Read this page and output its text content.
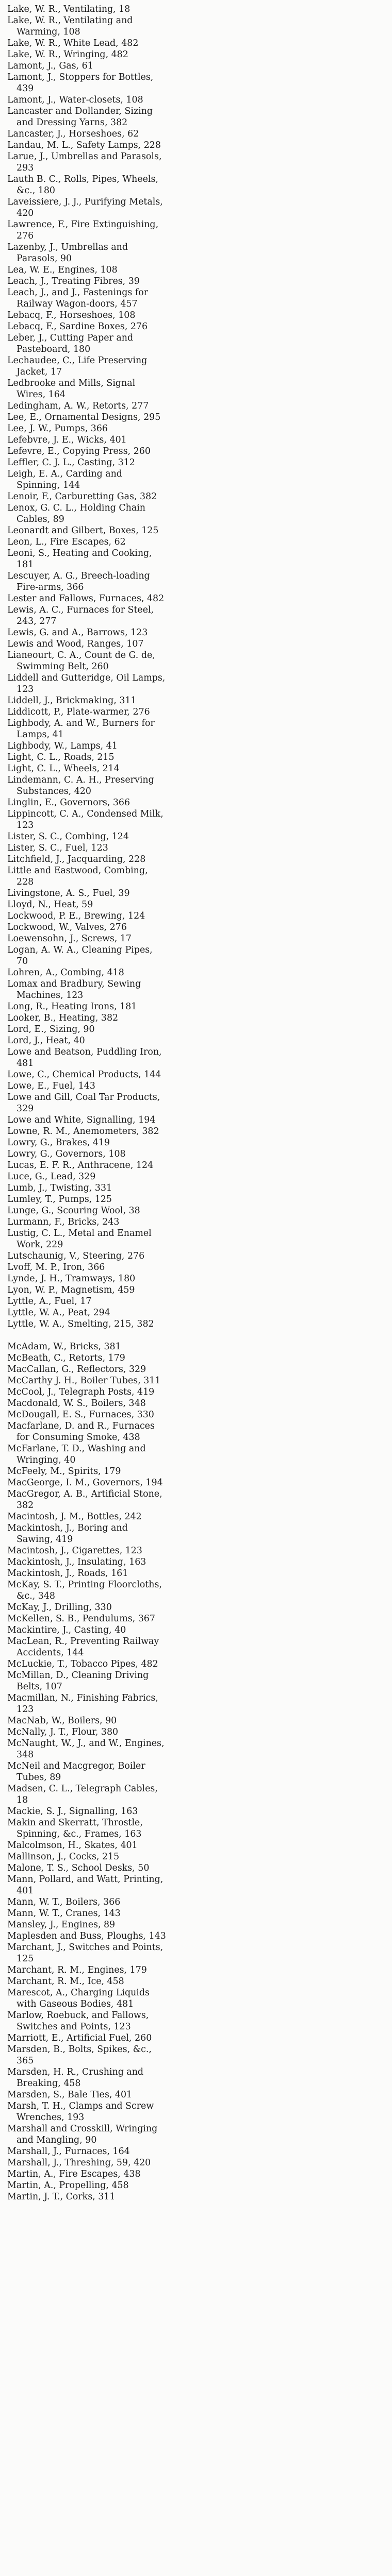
Lake, W. R., Ventilating, 18
Lake, W. R., Ventilating and Warming, 108
Lake, W. R., White Lead, 482
Lake, W. R., Wringing, 482
Lamont, J., Gas, 61
Lamont, J., Stoppers for Bottles, 439
Lamont, J., Water-closets, 108
Lancaster and Dollander, Sizing and Dressing Yarns, 382
Lancaster, J., Horseshoes, 62
Landau, M. L., Safety Lamps, 228
Larue, J., Umbrellas and Parasols, 293
Lauth B. C., Rolls, Pipes, Wheels, &c., 180
Laveissiere, J. J., Purifying Metals, 420
Lawrence, F., Fire Extinguishing, 276
Lazenby, J., Umbrellas and Parasols, 90
Lea, W. E., Engines, 108
Leach, J., Treating Fibres, 39
Leach, J., and J., Fastenings for Railway Wagon-doors, 457
Lebacq, F., Horseshoes, 108
Lebacq, F., Sardine Boxes, 276
Leber, J., Cutting Paper and Pasteboard, 180
Lechaudee, C., Life Preserving Jacket, 17
Ledbrooke and Mills, Signal Wires, 164
Ledingham, A. W., Retorts, 277
Lee, E., Ornamental Designs, 295
Lee, J. W., Pumps, 366
Lefebvre, J. E., Wicks, 401
Lefevre, E., Copying Press, 260
Leffler, C. J. L., Casting, 312
Leigh, E. A., Carding and Spinning, 144
Lenoir, F., Carburetting Gas, 382
Lenox, G. C. L., Holding Chain Cables, 89
Leonardt and Gilbert, Boxes, 125
Leon, L., Fire Escapes, 62
Leoni, S., Heating and Cooking, 181
Lescuyer, A. G., Breech-loading Fire-arms, 366
Lester and Fallows, Furnaces, 482
Lewis, A. C., Furnaces for Steel, 243, 277
Lewis, G. and A., Barrows, 123
Lewis and Wood, Ranges, 107
Lianeourt, C. A., Count de G. de, Swimming Belt, 260
Liddell and Gutteridge, Oil Lamps, 123
Liddell, J., Brickmaking, 311
Liddicott, P., Plate-warmer, 276
Lighbody, A. and W., Burners for Lamps, 41
Lighbody, W., Lamps, 41
Light, C. L., Roads, 215
Light, C. L., Wheels, 214
Lindemann, C. A. H., Preserving Substances, 420
Linglin, E., Governors, 366
Lippincott, C. A., Condensed Milk, 123
Lister, S. C., Combing, 124
Lister, S. C., Fuel, 123
Litchfield, J., Jacquarding, 228
Little and Eastwood, Combing, 228
Livingstone, A. S., Fuel, 39
Lloyd, N., Heat, 59
Lockwood, P. E., Brewing, 124
Lockwood, W., Valves, 276
Loewensohn, J., Screws, 17
Logan, A. W. A., Cleaning Pipes, 70
Lohren, A., Combing, 418
Lomax and Bradbury, Sewing Machines, 123
Long, R., Heating Irons, 181
Looker, B., Heating, 382
Lord, E., Sizing, 90
Lord, J., Heat, 40
Lowe and Beatson, Puddling Iron, 481
Lowe, C., Chemical Products, 144
Lowe, E., Fuel, 143
Lowe and Gill, Coal Tar Products, 329
Lowe and White, Signalling, 194
Lowne, R. M., Anemometers, 382
Lowry, G., Brakes, 419
Lowry, G., Governors, 108
Lucas, E. F. R., Anthracene, 124
Luce, G., Lead, 329
Lumb, J., Twisting, 331
Lumley, T., Pumps, 125
Lunge, G., Scouring Wool, 38
Lurmann, F., Bricks, 243
Lustig, C. L., Metal and Enamel Work, 229
Lutschaunig, V., Steering, 276
Lvoff, M. P., Iron, 366
Lynde, J. H., Tramways, 180
Lyon, W. P., Magnetism, 459
Lyttle, A., Fuel, 17
Lyttle, W. A., Peat, 294
Lyttle, W. A., Smelting, 215, 382

McAdam, W., Bricks, 381
McBeath, C., Retorts, 179
MacCallan, G., Reflectors, 329
McCarthy J. H., Boiler Tubes, 311
McCool, J., Telegraph Posts, 419
Macdonald, W. S., Boilers, 348
McDougall, E. S., Furnaces, 330
Macfarlane, D. and R., Furnaces for Consuming Smoke, 438
McFarlane, T. D., Washing and Wringing, 40
McFeely, M., Spirits, 179
MacGeorge, I. M., Governors, 194
MacGregor, A. B., Artificial Stone, 382
Macintosh, J. M., Bottles, 242
Mackintosh, J., Boring and Sawing, 419
Macintosh, J., Cigarettes, 123
Mackintosh, J., Insulating, 163
Mackintosh, J., Roads, 161
McKay, S. T., Printing Floorcloths, &c., 348
McKay, J., Drilling, 330
McKellen, S. B., Pendulums, 367
Mackintire, J., Casting, 40
MacLean, R., Preventing Railway Accidents, 144
McLuckie, T., Tobacco Pipes, 482
McMillan, D., Cleaning Driving Belts, 107
Macmillan, N., Finishing Fabrics, 123
MacNab, W., Boilers, 90
McNally, J. T., Flour, 380
McNaught, W., J., and W., Engines, 348
McNeil and Macgregor, Boiler Tubes, 89
Madsen, C. L., Telegraph Cables, 18
Mackie, S. J., Signalling, 163
Makin and Skerratt, Throstle, Spinning, &c., Frames, 163
Malcolmson, H., Skates, 401
Mallinson, J., Cocks, 215
Malone, T. S., School Desks, 50
Mann, Pollard, and Watt, Printing, 401
Mann, W. T., Boilers, 366
Mann, W. T., Cranes, 143
Mansley, J., Engines, 89
Maplesden and Buss, Ploughs, 143
Marchant, J., Switches and Points, 125
Marchant, R. M., Engines, 179
Marchant, R. M., Ice, 458
Marescot, A., Charging Liquids with Gaseous Bodies, 481
Marlow, Roebuck, and Fallows, Switches and Points, 123
Marriott, E., Artificial Fuel, 260
Marsden, B., Bolts, Spikes, &c., 365
Marsden, H. R., Crushing and Breaking, 458
Marsden, S., Bale Ties, 401
Marsh, T. H., Clamps and Screw Wrenches, 193
Marshall and Crosskill, Wringing and Mangling, 90
Marshall, J., Furnaces, 164
Marshall, J., Threshing, 59, 420
Martin, A., Fire Escapes, 438
Martin, A., Propelling, 458
Martin, J. T., Corks, 311
